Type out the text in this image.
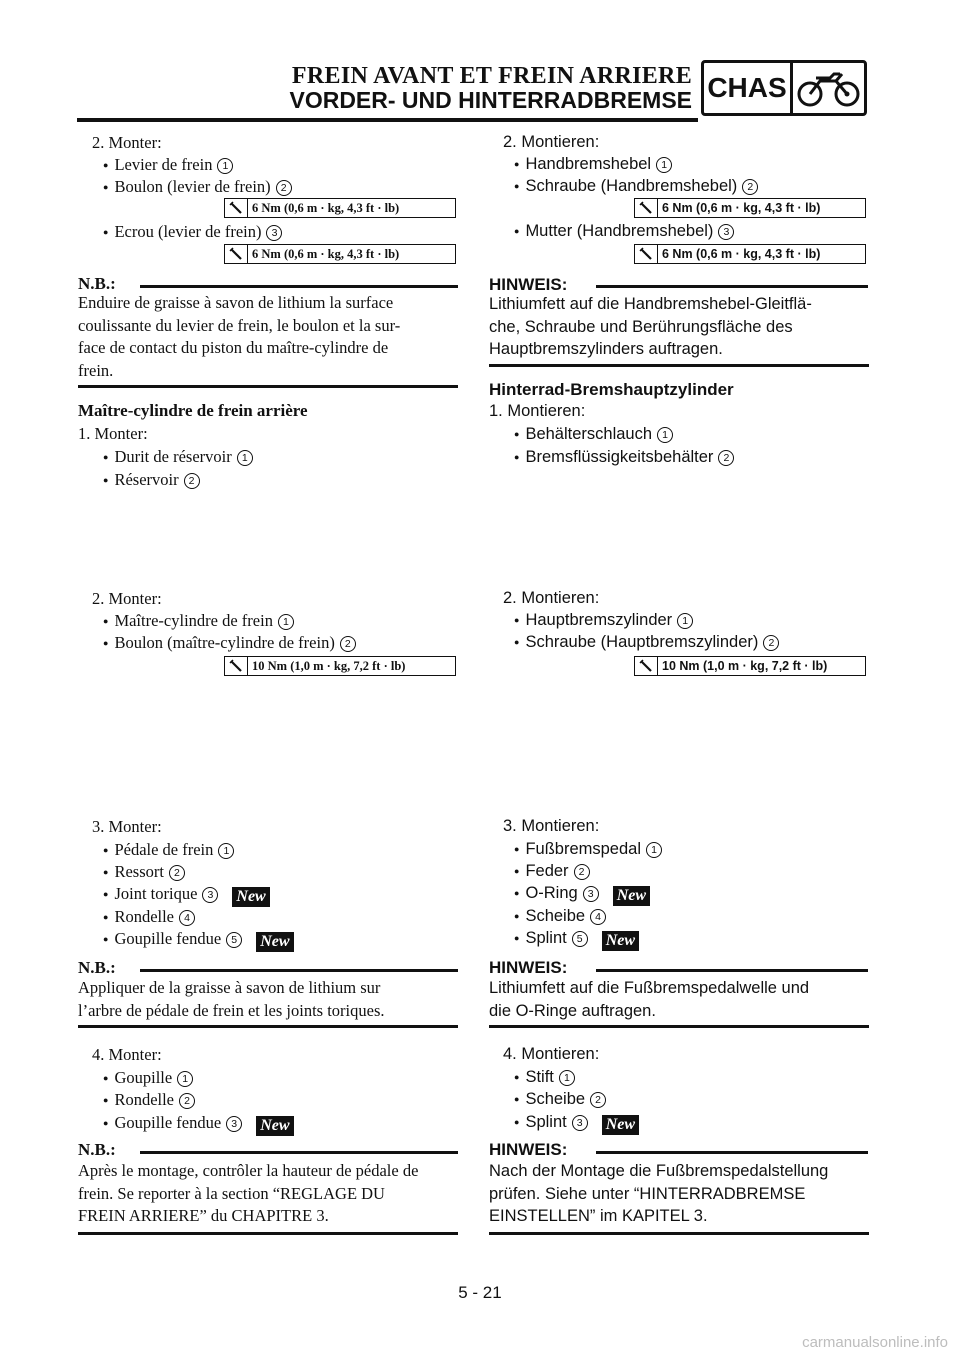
FREIN AVANT ET FREIN ARRIERE
VORDER- UND HINTERRADBREMSE CHAS
2. Monter:
● Levier de frein 1
● Boulon (levier de frein) 2
6 Nm (0,6 m · kg, 4,3 ft · lb)
● Ecrou (levier de frein) 3
6 Nm (0,6 m · kg, 4,3 ft · lb)
N.B.:
Enduire de graisse à savon de lithium la surface
coulissante du levier de frein, le boulon et la sur-
face de contact du piston du maître-cylindre de
frein.
Maître-cylindre de frein arrière
1. Monter:
● Durit de réservoir 1
● Réservoir 2
2. Monter:
● Maître-cylindre de frein 1
● Boulon (maître-cylindre de frein) 2
10 Nm (1,0 m · kg, 7,2 ft · lb)
3. Monter:
● Pédale de frein 1
● Ressort 2
● Joint torique 3 New
● Rondelle 4
● Goupille fendue 5 New
N.B.:
Appliquer de la graisse à savon de lithium sur
l’arbre de pédale de frein et les joints toriques.
4. Monter:
● Goupille 1
● Rondelle 2
● Goupille fendue 3 New
N.B.:
Après le montage, contrôler la hauteur de pédale de
frein. Se reporter à la section “REGLAGE DU
FREIN ARRIERE” du CHAPITRE 3.
2. Montieren:
● Handbremshebel 1
● Schraube (Handbremshebel) 2
6 Nm (0,6 m · kg, 4,3 ft · lb)
● Mutter (Handbremshebel) 3
6 Nm (0,6 m · kg, 4,3 ft · lb)
HINWEIS:
Lithiumfett auf die Handbremshebel-Gleitflä-
che, Schraube und Berührungsfläche des
Hauptbremszylinders auftragen.
Hinterrad-Bremshauptzylinder
1. Montieren:
● Behälterschlauch 1
● Bremsflüssigkeitsbehälter 2
2. Montieren:
● Hauptbremszylinder 1
● Schraube (Hauptbremszylinder) 2
10 Nm (1,0 m · kg, 7,2 ft · lb)
3. Montieren:
● Fußbremspedal 1
● Feder 2
● O-Ring 3 New
● Scheibe 4
● Splint 5 New
HINWEIS:
Lithiumfett auf die Fußbremspedalwelle und
die O-Ringe auftragen.
4. Montieren:
● Stift 1
● Scheibe 2
● Splint 3 New
HINWEIS:
Nach der Montage die Fußbremspedalstellung
prüfen. Siehe unter “HINTERRADBREMSE
EINSTELLEN” im KAPITEL 3.
5 - 21
carmanualsonline.info
